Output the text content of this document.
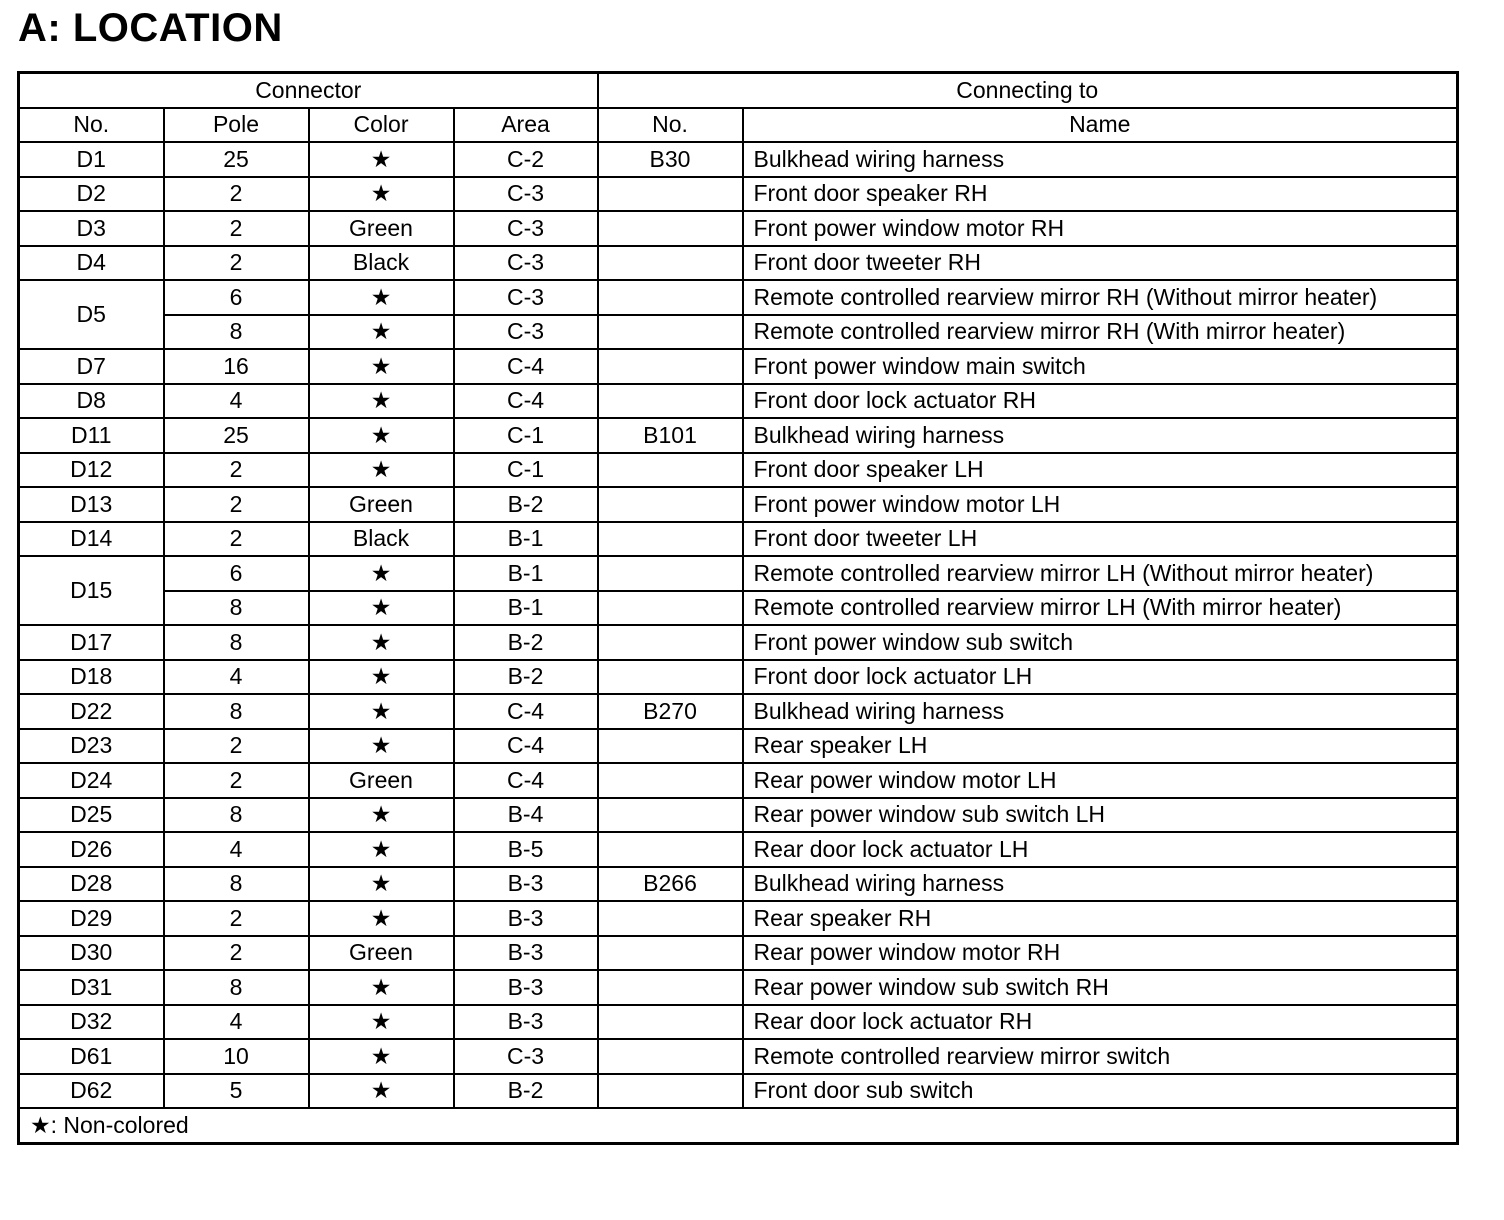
A: LOCATION
Connector				Connecting to	
No.	Pole	Color	Area	No.	Name
D1	25	★	C-2	B30	Bulkhead wiring harness
D2	2	★	C-3		Front door speaker RH
D3	2	Green	C-3		Front power window motor RH
D4	2	Black	C-3		Front door tweeter RH
D5	6	★	C-3		Remote controlled rearview mirror RH (Without mirror heater)
	8	★	C-3		Remote controlled rearview mirror RH (With mirror heater)
D7	16	★	C-4		Front power window main switch
D8	4	★	C-4		Front door lock actuator RH
D11	25	★	C-1	B101	Bulkhead wiring harness
D12	2	★	C-1		Front door speaker LH
D13	2	Green	B-2		Front power window motor LH
D14	2	Black	B-1		Front door tweeter LH
D15	6	★	B-1		Remote controlled rearview mirror LH (Without mirror heater)
	8	★	B-1		Remote controlled rearview mirror LH (With mirror heater)
D17	8	★	B-2		Front power window sub switch
D18	4	★	B-2		Front door lock actuator LH
D22	8	★	C-4	B270	Bulkhead wiring harness
D23	2	★	C-4		Rear speaker LH
D24	2	Green	C-4		Rear power window motor LH
D25	8	★	B-4		Rear power window sub switch LH
D26	4	★	B-5		Rear door lock actuator LH
D28	8	★	B-3	B266	Bulkhead wiring harness
D29	2	★	B-3		Rear speaker RH
D30	2	Green	B-3		Rear power window motor RH
D31	8	★	B-3		Rear power window sub switch RH
D32	4	★	B-3		Rear door lock actuator RH
D61	10	★	C-3		Remote controlled rearview mirror switch
D62	5	★	B-2		Front door sub switch
★: Non-colored					
